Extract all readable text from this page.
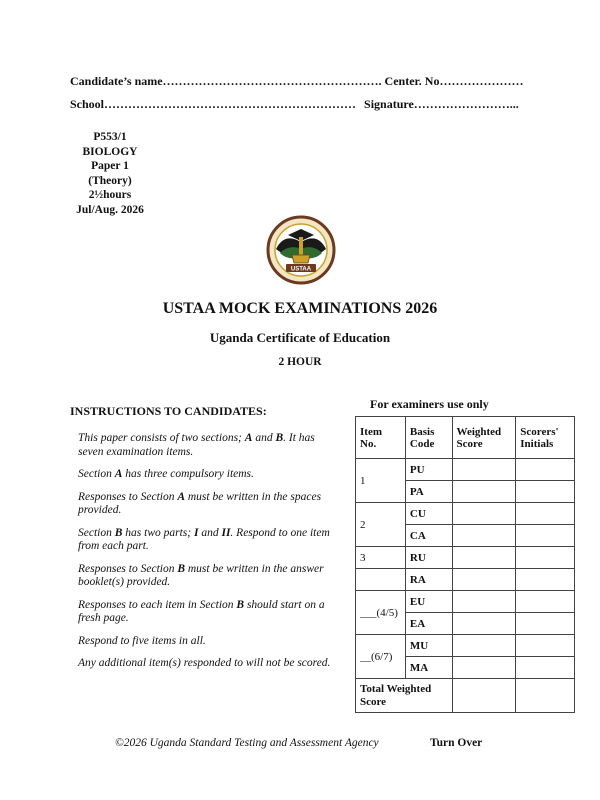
Candidate’s name………………………………………………. Center. No…………………
School……………………………………………………… Signature……………………...
P553/1
BIOLOGY
Paper 1
(Theory)
2½hours
Jul/Aug. 2026
USTAA
USTAA MOCK EXAMINATIONS 2026
Uganda Certificate of Education
2 HOUR
INSTRUCTIONS TO CANDIDATES:

This paper consists of two sections; A and B. It has seven examination items.

Section A has three compulsory items.

Responses to Section A must be written in the spaces provided.

Section B has two parts; I and II. Respond to one item from each part.

Responses to Section B must be written in the answer booklet(s) provided.

Responses to each item in Section B should start on a fresh page.

Respond to five items in all.

Any additional item(s) responded to will not be scored.

For examiners use only
Item No.	Basis Code	Weighted Score	Scorers' Initials
1	PU		
	PA		
2	CU		
	CA		
3	RU		
	RA		
___(4/5)	EU		
	EA		
__(6/7)	MU		
	MA		
Total Weighted Score			
©2026 Uganda Standard Testing and Assessment Agency	Turn Over
